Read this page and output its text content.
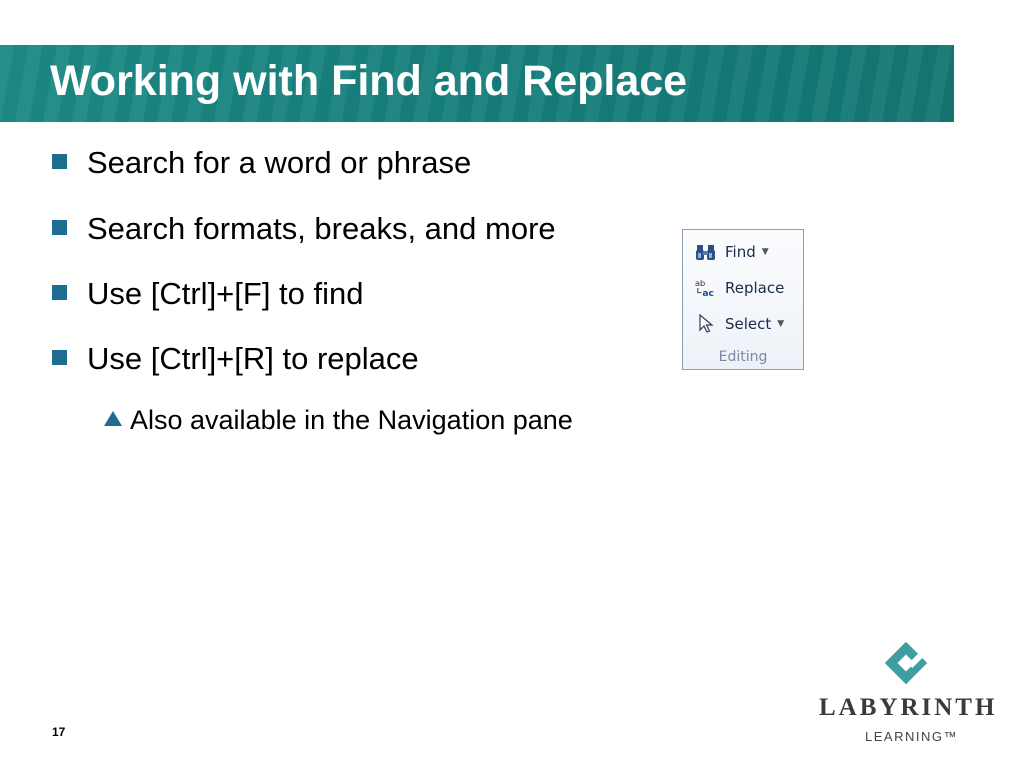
Working with Find and Replace
Search for a word or phrase
Search formats, breaks, and more
Use [Ctrl]+[F] to find
Use [Ctrl]+[R] to replace
Also available in the Navigation pane
Find ▼
ab
ac Replace
Select ▼
Editing
LABYRINTH
LEARNING™
17
